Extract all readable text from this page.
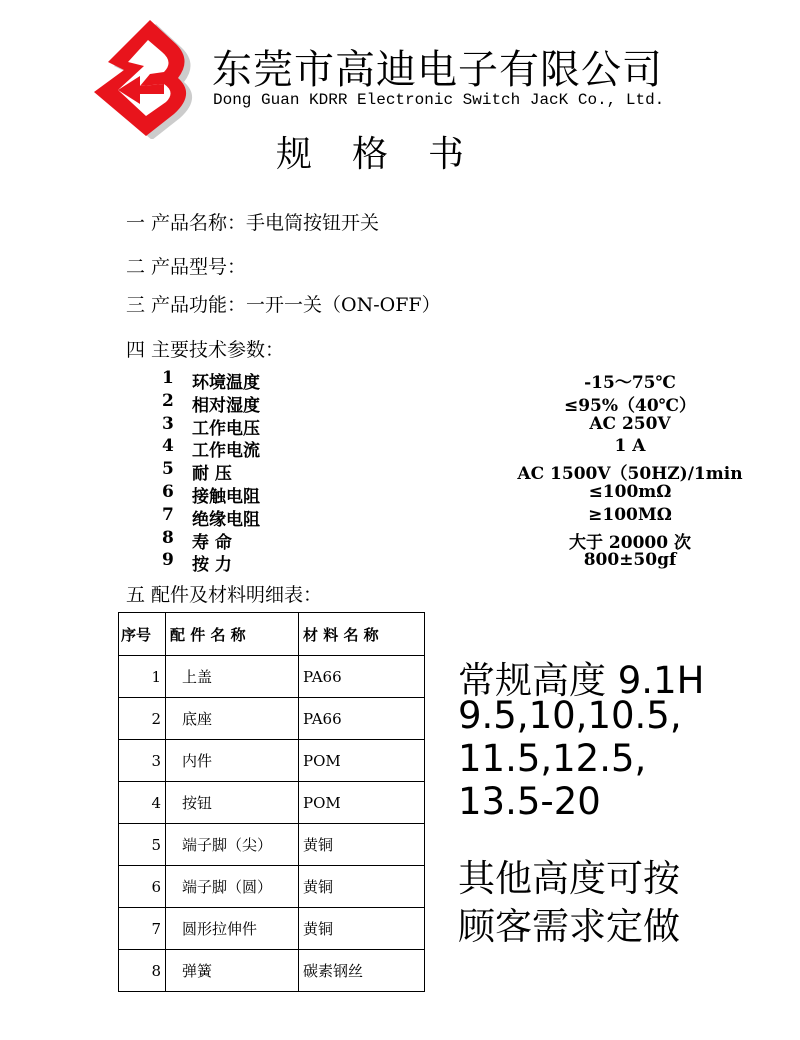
东莞市高迪电子有限公司
Dong Guan KDRR Electronic Switch JacK Co., Ltd.
规格书
一 产品名称：手电筒按钮开关
二 产品型号：
三 产品功能：一开一关（ON-OFF）
四 主要技术参数：
1 环境温度	-15～75℃
2 相对湿度	≤95%（40℃）
3 工作电压	AC 250V
4 工作电流	1 A
5 耐 压	AC 1500V（50HZ)/1min
6 接触电阻	≤100mΩ
7 绝缘电阻	≥100MΩ
8 寿 命	大于 20000 次
9 按 力	800±50gf
五 配件及材料明细表：
序号	配 件 名 称	材 料 名 称
1	上盖	PA66
2	底座	PA66
3	内件	POM
4	按钮	POM
5	端子脚（尖）	黄铜
6	端子脚（圆）	黄铜
7	圆形拉伸件	黄铜
8	弹簧	碳素钢丝
常规高度 9.1H
9.5,10,10.5,
11.5,12.5,
13.5-20
其他高度可按
顾客需求定做
